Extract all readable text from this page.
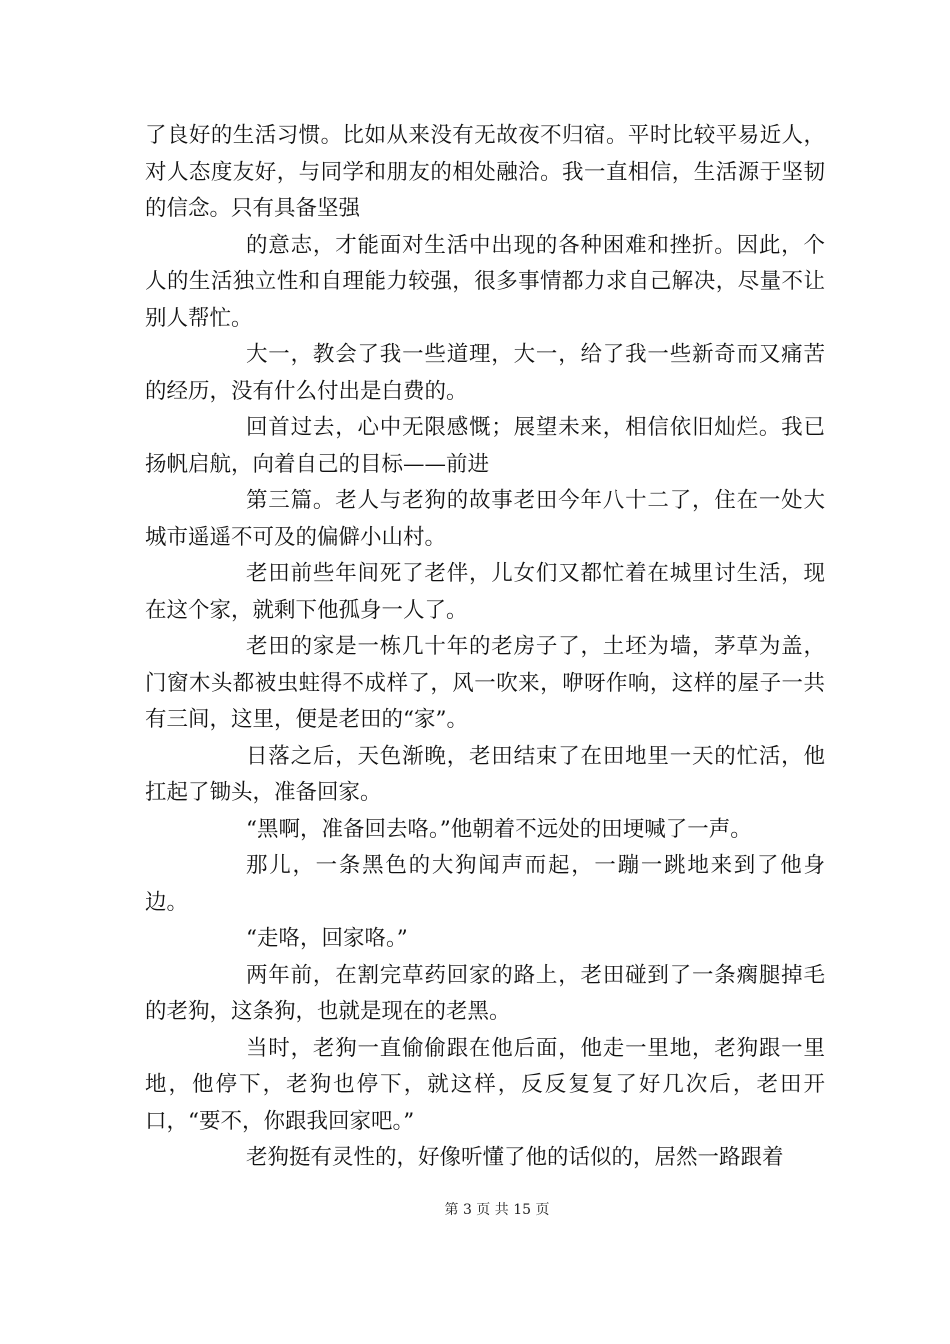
了良好的生活习惯。比如从来没有无故夜不归宿。平时比较平易近人，对人态度友好，与同学和朋友的相处融洽。我一直相信，生活源于坚韧的信念。只有具备坚强

的意志，才能面对生活中出现的各种困难和挫折。因此，个人的生活独立性和自理能力较强，很多事情都力求自己解决，尽量不让别人帮忙。

大一，教会了我一些道理，大一，给了我一些新奇而又痛苦的经历，没有什么付出是白费的。

回首过去，心中无限感慨；展望未来，相信依旧灿烂。我已扬帆启航，向着自己的目标——前进

第三篇。老人与老狗的故事老田今年八十二了，住在一处大城市遥遥不可及的偏僻小山村。

老田前些年间死了老伴，儿女们又都忙着在城里讨生活，现在这个家，就剩下他孤身一人了。

老田的家是一栋几十年的老房子了，土坯为墙，茅草为盖，门窗木头都被虫蛀得不成样了，风一吹来，咿呀作响，这样的屋子一共有三间，这里，便是老田的“家”。

日落之后，天色渐晚，老田结束了在田地里一天的忙活，他扛起了锄头，准备回家。

“黑啊，准备回去咯。”他朝着不远处的田埂喊了一声。

那儿，一条黑色的大狗闻声而起，一蹦一跳地来到了他身边。

“走咯，回家咯。”

两年前，在割完草药回家的路上，老田碰到了一条瘸腿掉毛的老狗，这条狗，也就是现在的老黑。

当时，老狗一直偷偷跟在他后面，他走一里地，老狗跟一里地，他停下，老狗也停下，就这样，反反复复了好几次后，老田开口，“要不，你跟我回家吧。”

老狗挺有灵性的，好像听懂了他的话似的，居然一路跟着

第 3 页 共 15 页
